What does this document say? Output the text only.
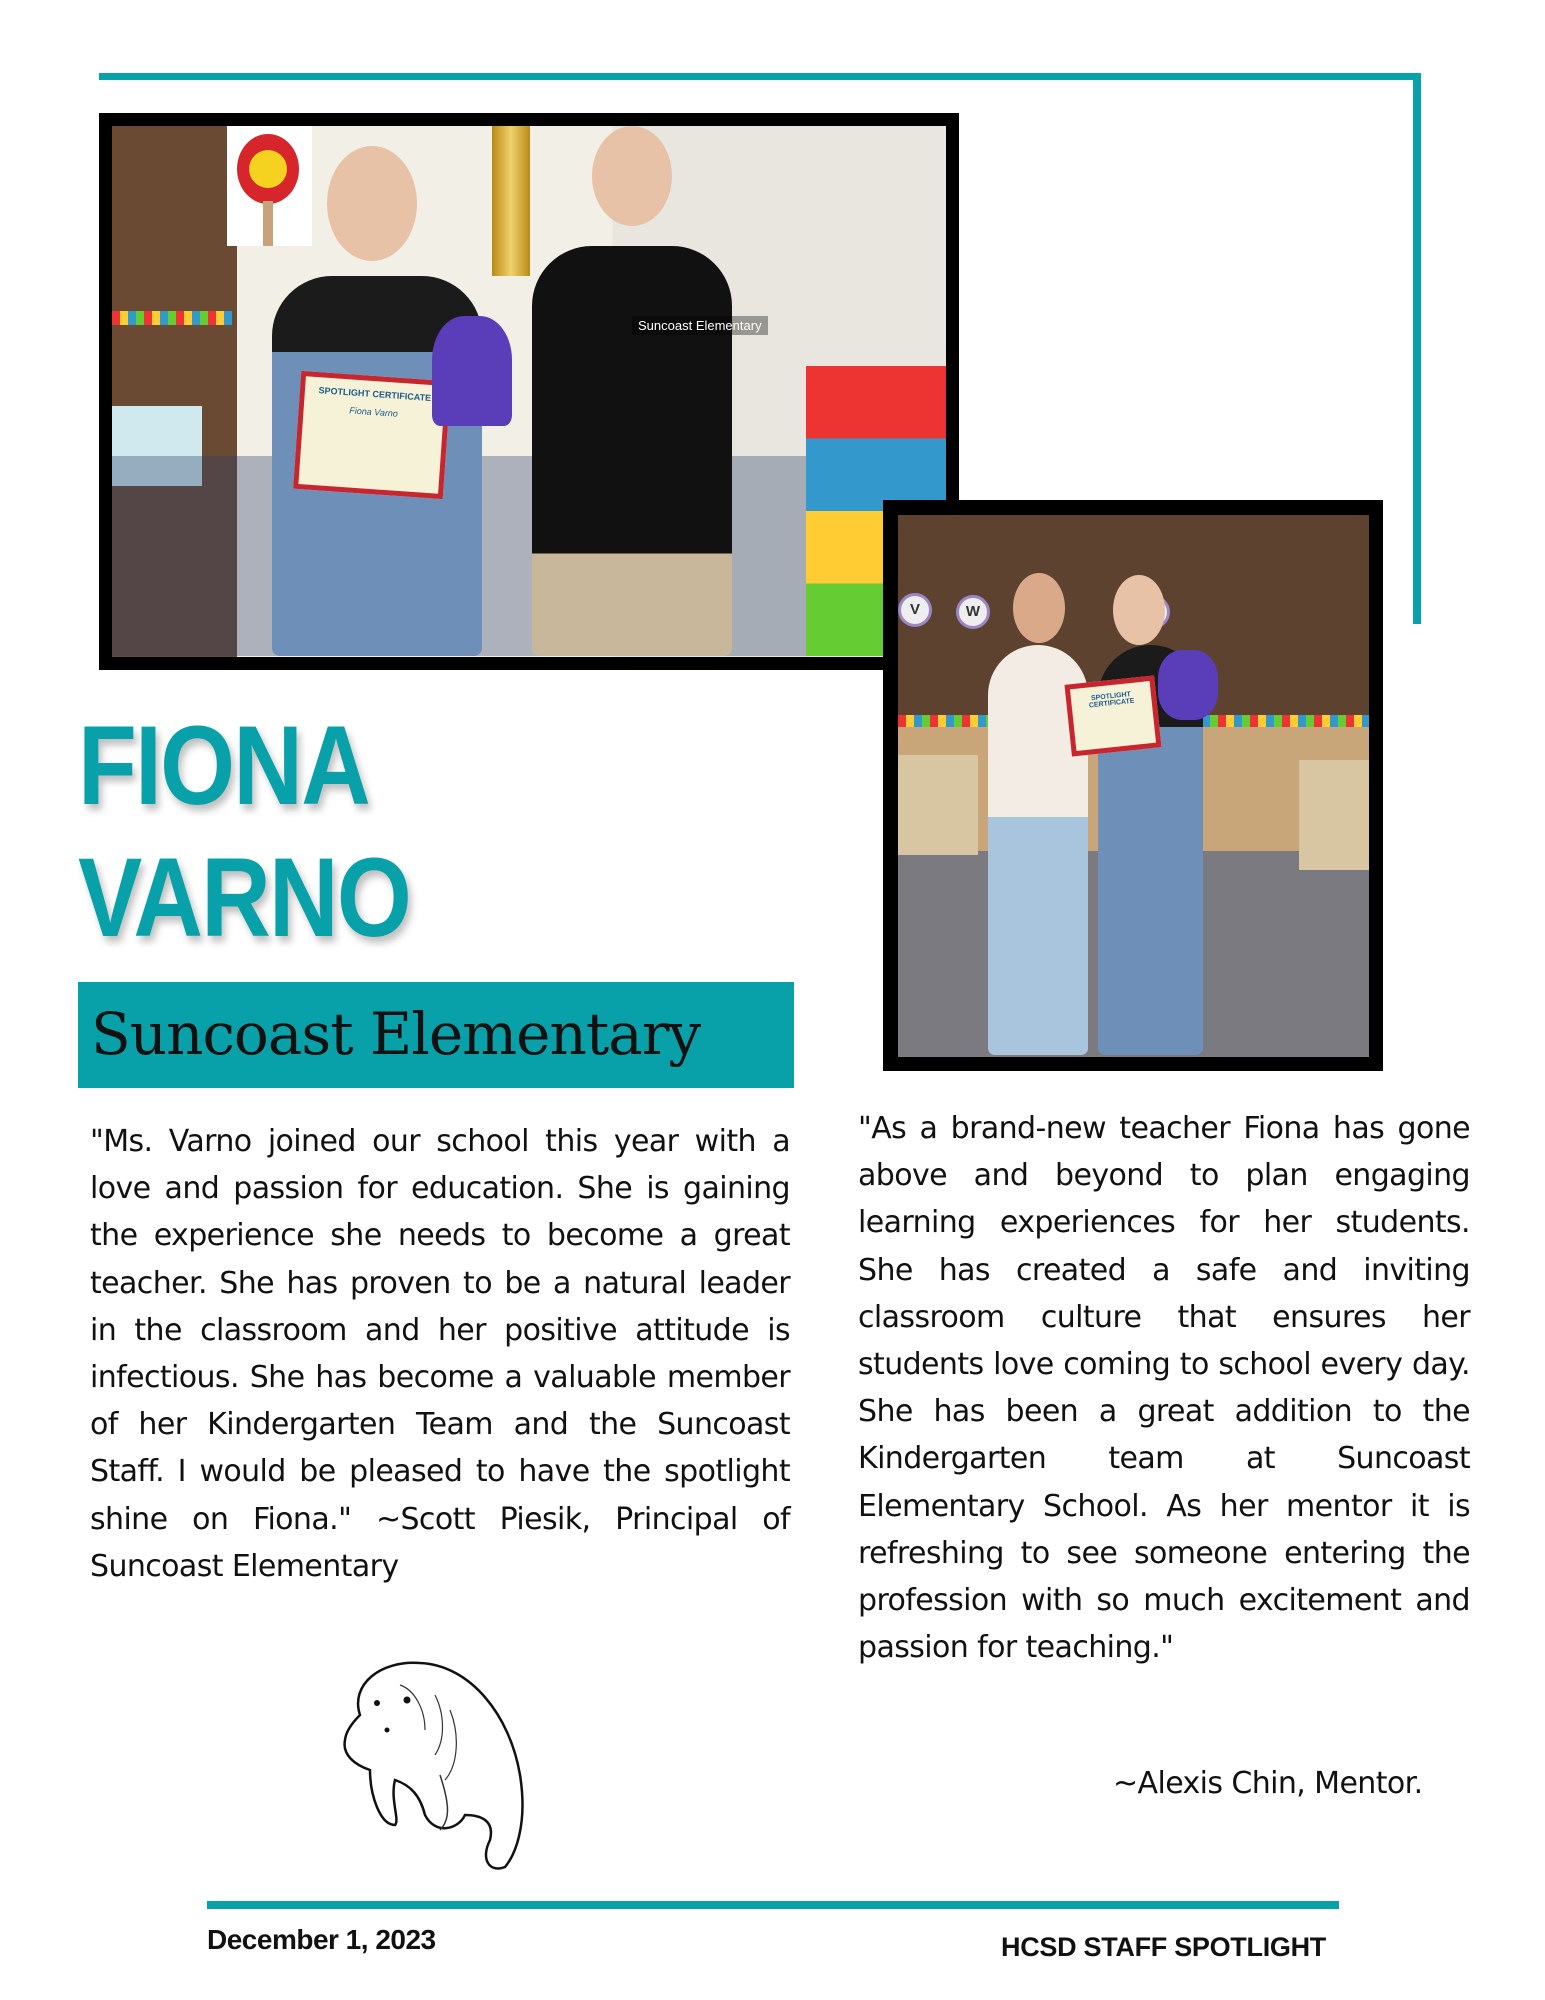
SPOTLIGHT CERTIFICATE
Fiona Varno
Suncoast Elementary
V	W
SPOTLIGHT CERTIFICATE
FIONA
VARNO
Suncoast Elementary

"Ms. Varno joined our school this year with a love and passion for education. She is gaining the experience she needs to become a great teacher. She has proven to be a natural leader in the classroom and her positive attitude is infectious. She has become a valuable member of her Kindergarten Team and the Suncoast Staff. I would be pleased to have the spotlight shine on Fiona." ~Scott Piesik, Principal of Suncoast Elementary

"As a brand-new teacher Fiona has gone above and beyond to plan engaging learning experiences for her students. She has created a safe and inviting classroom culture that ensures her students love coming to school every day. She has been a great addition to the Kindergarten team at Suncoast Elementary School. As her mentor it is refreshing to see someone entering the profession with so much excitement and passion for teaching."

~Alexis Chin, Mentor.
December 1, 2023	HCSD STAFF SPOTLIGHT
